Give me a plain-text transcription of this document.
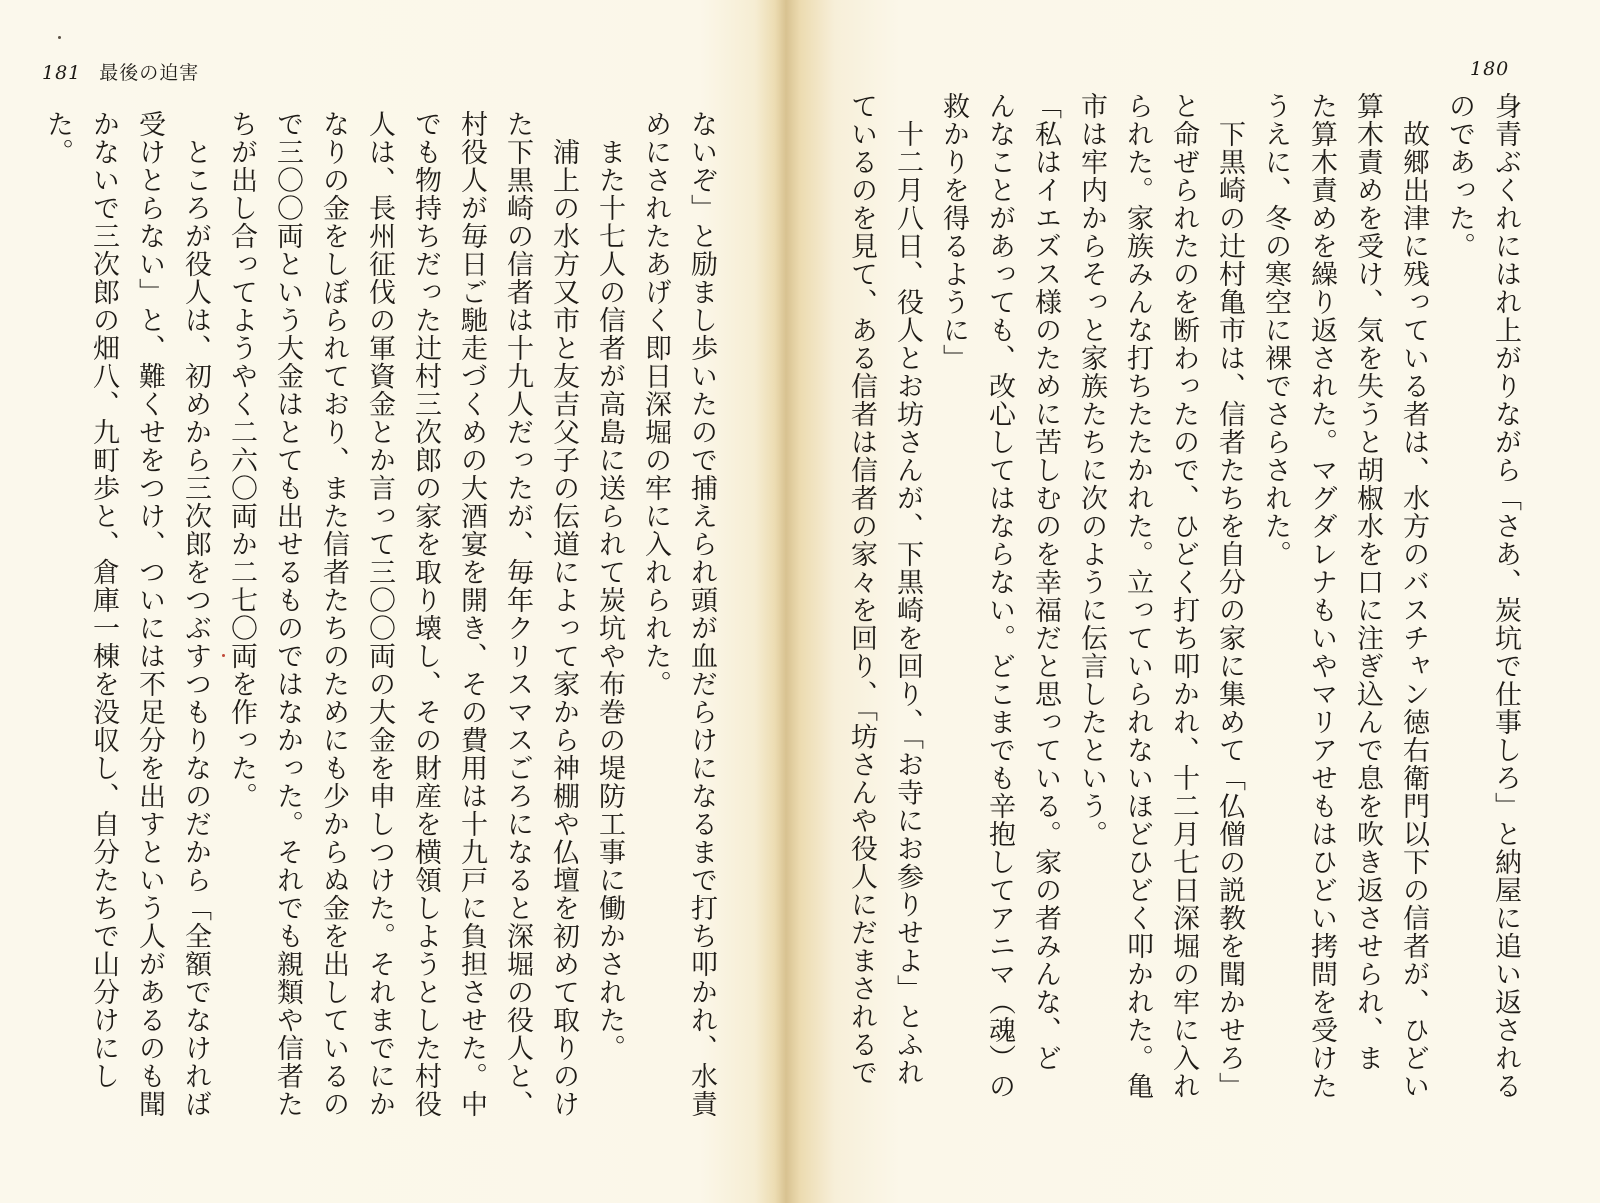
181 最後の迫害
ないぞ」と励まし歩いたので捕えられ頭が血だらけになるまで打ち叩かれ、水責
めにされたあげく即日深堀の牢に入れられた。
　また十七人の信者が高島に送られて炭坑や布巻の堤防工事に働かされた。
　浦上の水方又市と友吉父子の伝道によって家から神棚や仏壇を初めて取りのけ
た下黒崎の信者は十九人だったが、毎年クリスマスごろになると深堀の役人と、
村役人が毎日ご馳走づくめの大酒宴を開き、その費用は十九戸に負担させた。中
でも物持ちだった辻村三次郎の家を取り壊し、その財産を横領しようとした村役
人は、長州征伐の軍資金とか言って三〇〇両の大金を申しつけた。それまでにか
なりの金をしぼられており、また信者たちのためにも少からぬ金を出しているの
で三〇〇両という大金はとても出せるものではなかった。それでも親類や信者た
ちが出し合ってようやく二六〇両か二七〇両を作った。
　ところが役人は、初めから三次郎をつぶすつもりなのだから「全額でなければ
受けとらない」と、難くせをつけ、ついには不足分を出すという人があるのも聞
かないで三次郎の畑八、九町歩と、倉庫一棟を没収し、自分たちで山分けにし
た。
180
身青ぶくれにはれ上がりながら「さあ、炭坑で仕事しろ」と納屋に追い返される
のであった。
　故郷出津に残っている者は、水方のバスチャン徳右衛門以下の信者が、ひどい
算木責めを受け、気を失うと胡椒水を口に注ぎ込んで息を吹き返させられ、ま
た算木責めを繰り返された。マグダレナもいやマリアせもはひどい拷問を受けた
うえに、冬の寒空に裸でさらされた。
　下黒崎の辻村亀市は、信者たちを自分の家に集めて「仏僧の説教を聞かせろ」
と命ぜられたのを断わったので、ひどく打ち叩かれ、十二月七日深堀の牢に入れ
られた。家族みんな打ちたたかれた。立っていられないほどひどく叩かれた。亀
市は牢内からそっと家族たちに次のように伝言したという。
「私はイエズス様のために苦しむのを幸福だと思っている。家の者みんな、ど
んなことがあっても、改心してはならない。どこまでも辛抱してアニマ（魂）の
救かりを得るように」
　十二月八日、役人とお坊さんが、下黒崎を回り、「お寺にお参りせよ」とふれ
ているのを見て、ある信者は信者の家々を回り、「坊さんや役人にだまされるで
